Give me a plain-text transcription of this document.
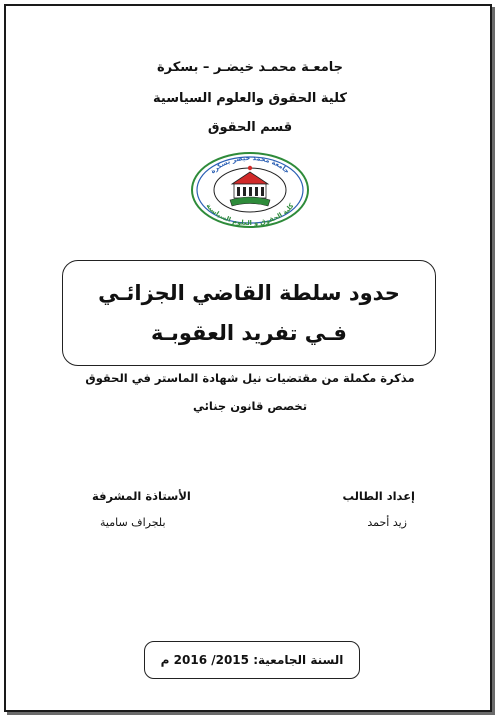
جامعـة محمـد خيضـر – بسكرة
كلية الحقوق والعلوم السياسية
قسم الحقوق
جامعة محمد خيضر بسكرة
كلية الحقوق و العلوم السياسية
حدود سلطة القاضي الجزائـي
فـي تفريد العقوبـة
مذكرة مكملة من مقتضيات نيل شهادة الماستر في الحقوق
تخصص قانون جنائي
إعداد الطالب
زيد أحمد
الأستاذة المشرفة
بلجراف سامية
السنة الجامعية: 2015/ 2016 م
